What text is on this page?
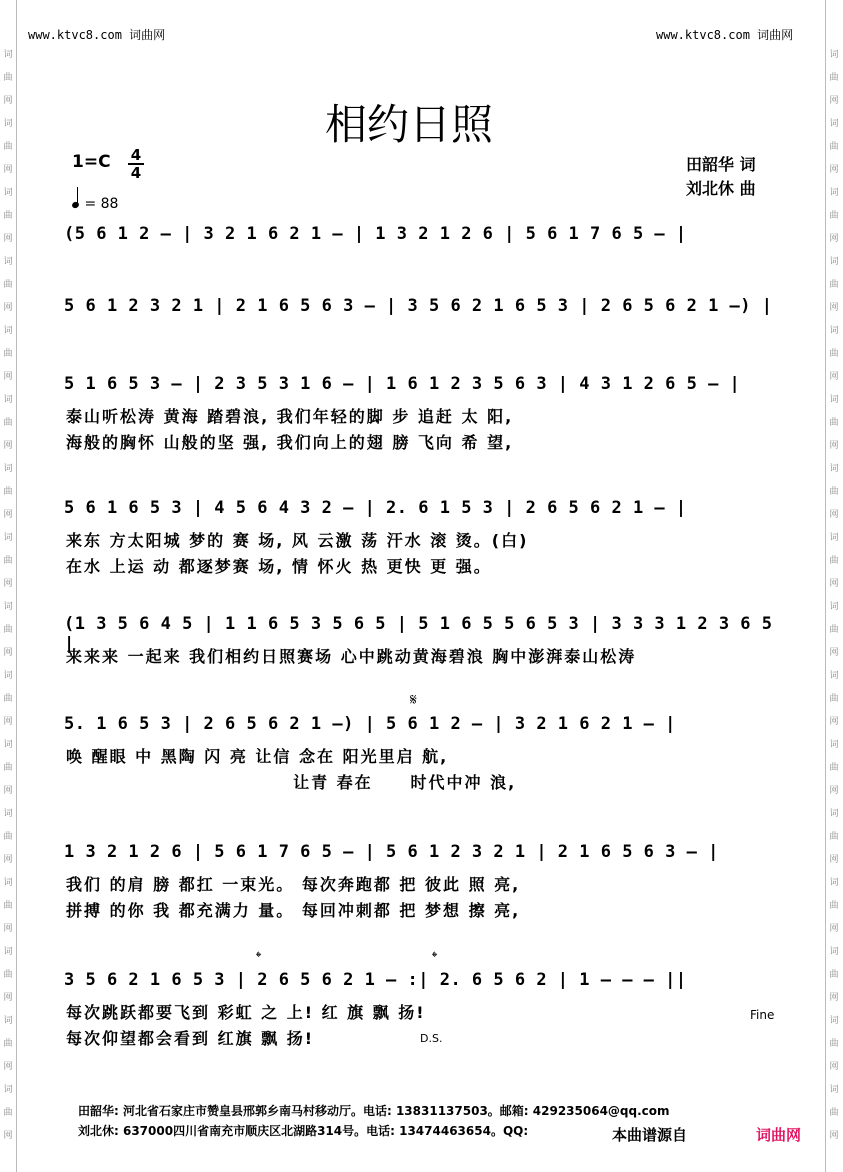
词
曲
网
词
曲
网
词
曲
网
词
曲
网
词
曲
网
词
曲
网
词
曲
网
词
曲
网
词
曲
网
词
曲
网
词
曲
网
词
曲
网
词
曲
网
词
曲
网
词
曲
网
词
曲
网
词
曲
网
词
曲
网
词
曲
网
词
曲
网
词
曲
网
词
曲
网
词
曲
网
词
曲
网
词
曲
网
词
曲
网
词
曲
网
词
曲
网
词
曲
网
词
曲
网
词
曲
网
词
曲
网
www.ktvc8.com 词曲网	www.ktvc8.com 词曲网
相约日照
田韶华 词
刘北休 曲
1=C 4
4
= 88
(5 6 1 2 – | 3 2 1 6 2 1 – | 1 3 2 1 2 6 | 5 6 1 7 6 5 – |
5 6 1 2 3 2 1 | 2 1 6 5 6 3 – | 3 5 6 2 1 6 5 3 | 2 6 5 6 2 1 –) |
5 1 6 5 3 – | 2 3 5 3 1 6 – | 1 6 1 2 3 5 6 3 | 4 3 1 2 6 5 – |
泰山听松涛 黄海 踏碧浪, 我们年轻的脚 步 追赶 太 阳,
海般的胸怀 山般的坚 强, 我们向上的翅 膀 飞向 希 望,
5 6 1 6 5 3 | 4 5 6 4 3 2 – | 2. 6 1 5 3 | 2 6 5 6 2 1 – |
来东 方太阳城 梦的 赛 场, 风 云激 荡 汗水 滚 烫。(白)
在水 上运 动 都逐梦赛 场, 情 怀火 热 更快 更 强。
(1 3 5 6 4 5 | 1 1 6 5 3 5 6 5 | 5 1 6 5 5 6 5 3 | 3 3 3 1 2 3 6 5 |
来来来 一起来 我们相约日照赛场 心中跳动黄海碧浪 胸中澎湃泰山松涛
𝄋
5. 1 6 5 3 | 2 6 5 6 2 1 –) | 5 6 1 2 – | 3 2 1 6 2 1 – |
唤 醒眼 中 黑陶 闪 亮 让信 念在 阳光里启 航,
让青 春在     时代中冲 浪,
1 3 2 1 2 6 | 5 6 1 7 6 5 – | 5 6 1 2 3 2 1 | 2 1 6 5 6 3 – |
我们 的肩 膀 都扛 一束光。 每次奔跑都 把 彼此 照 亮,
拼搏 的你 我 都充满力 量。 每回冲刺都 把 梦想 擦 亮,
𝄌	𝄌
3 5 6 2 1 6 5 3 | 2 6 5 6 2 1 – :| 2. 6 5 6 2 | 1 – – – ||
每次跳跃都要飞到 彩虹 之 上! 红 旗 飘 扬!
每次仰望都会看到 红旗 飘 扬!
Fine
D.S.
田韶华: 河北省石家庄市赞皇县邢郭乡南马村移动厅。电话: 13831137503。邮箱: 429235064@qq.com
刘北休: 637000四川省南充市顺庆区北湖路314号。电话: 13474463654。QQ:	本曲谱源自	词曲网
